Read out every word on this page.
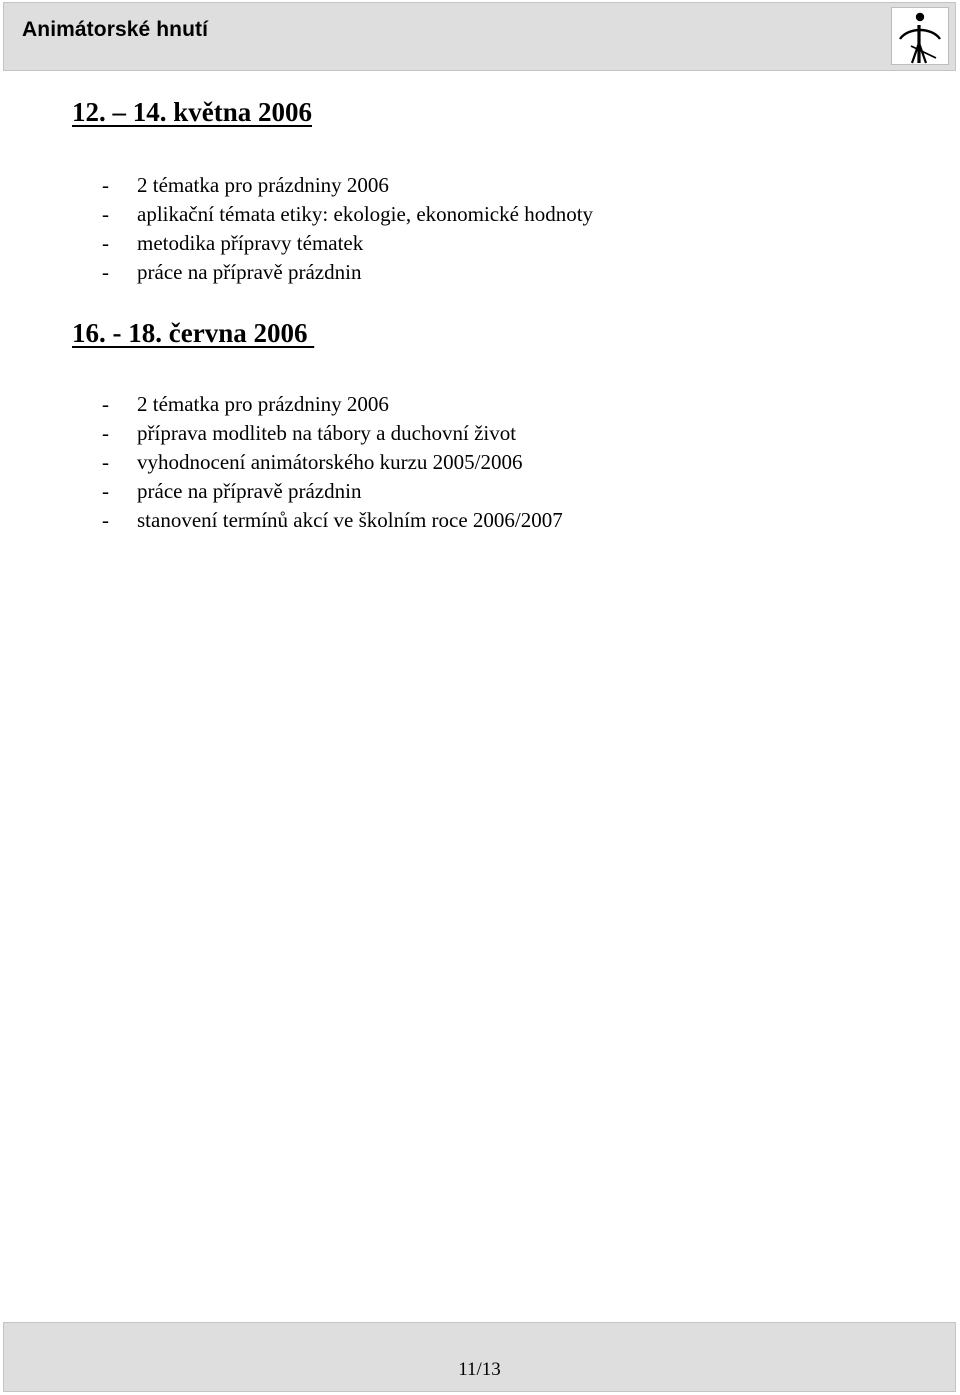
Animátorské hnutí
12. – 14. května 2006
- 2 tématka pro prázdniny 2006
- aplikační témata etiky: ekologie, ekonomické hodnoty
- metodika přípravy tématek
- práce na přípravě prázdnin
16. - 18. června 2006
- 2 tématka pro prázdniny 2006
- příprava modliteb na tábory a duchovní život
- vyhodnocení animátorského kurzu 2005/2006
- práce na přípravě prázdnin
- stanovení termínů akcí ve školním roce 2006/2007
11/13
